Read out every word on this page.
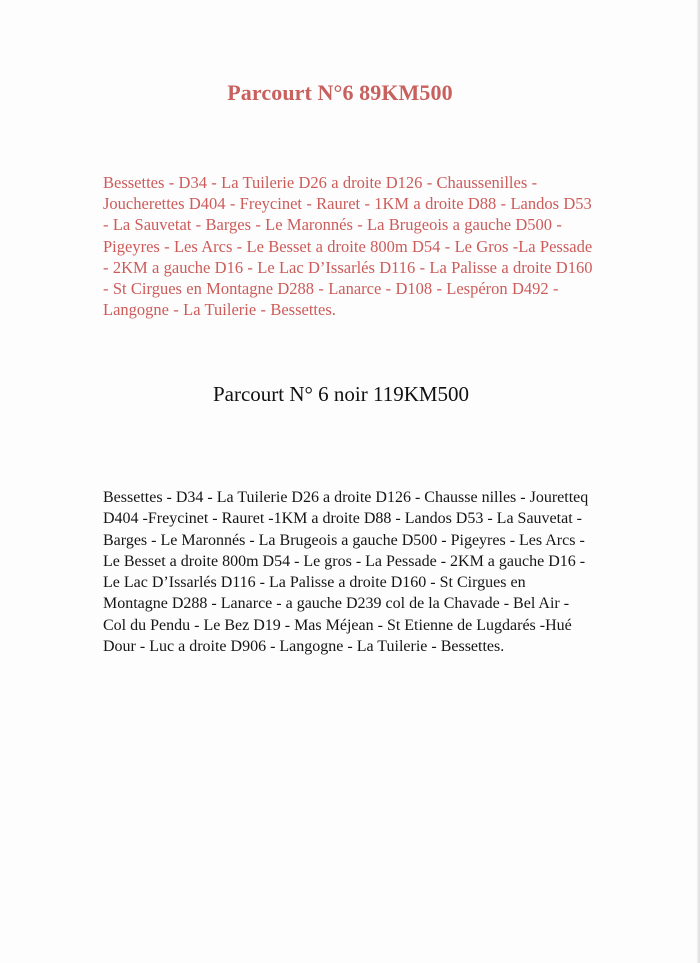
Parcourt N°6 89KM500

Bessettes - D34 - La Tuilerie D26 a droite D126 - Chaussenilles - Joucherettes D404 - Freycinet - Rauret - 1KM a droite D88 - Landos D53 - La Sauvetat - Barges - Le Maronnés - La Brugeois a gauche D500 - Pigeyres - Les Arcs - Le Besset a droite 800m D54 - Le Gros -La Pessade - 2KM a gauche D16 - Le Lac D’Issarlés D116 - La Palisse a droite D160 - St Cirgues en Montagne D288 - Lanarce - D108 - Lespéron D492 - Langogne - La Tuilerie - Bessettes.

Parcourt N° 6 noir 119KM500

Bessettes - D34 - La Tuilerie D26 a droite D126 - Chausse nilles - Jouretteq D404 -Freycinet - Rauret -1KM a droite D88 - Landos D53 - La Sauvetat - Barges - Le Maronnés - La Brugeois a gauche D500 - Pigeyres - Les Arcs - Le Besset a droite 800m D54 - Le gros - La Pessade - 2KM a gauche D16 - Le Lac D’Issarlés D116 - La Palisse a droite D160 - St Cirgues en Montagne D288 - Lanarce - a gauche D239 col de la Chavade - Bel Air - Col du Pendu - Le Bez D19 - Mas Méjean - St Etienne de Lugdarés -Hué Dour - Luc a droite D906 - Langogne - La Tuilerie - Bessettes.
